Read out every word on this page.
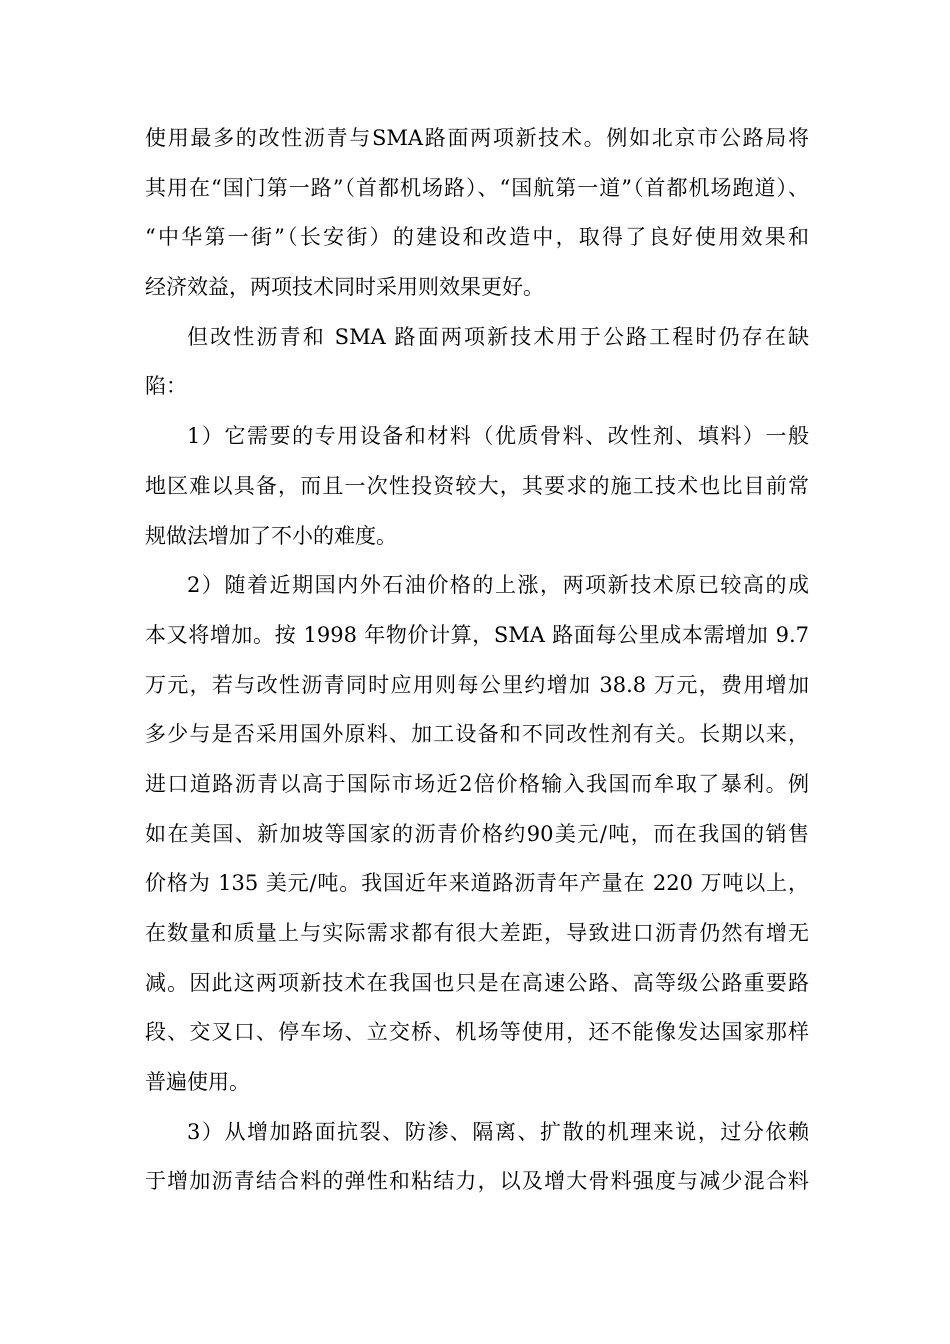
使用最多的改性沥青与SMA路面两项新技术。例如北京市公路局将
其用在“国门第一路”（首都机场路）、“国航第一道”（首都机场跑道）、
“中华第一街”（长安街）的建设和改造中，取得了良好使用效果和
经济效益，两项技术同时采用则效果更好。
但改性沥青和 SMA 路面两项新技术用于公路工程时仍存在缺
陷：
1）它需要的专用设备和材料（优质骨料、改性剂、填料）一般
地区难以具备，而且一次性投资较大，其要求的施工技术也比目前常
规做法增加了不小的难度。
2）随着近期国内外石油价格的上涨，两项新技术原已较高的成
本又将增加。按 1998 年物价计算，SMA 路面每公里成本需增加 9.7
万元，若与改性沥青同时应用则每公里约增加 38.8 万元，费用增加
多少与是否采用国外原料、加工设备和不同改性剂有关。长期以来，
进口道路沥青以高于国际市场近2倍价格输入我国而牟取了暴利。例
如在美国、新加坡等国家的沥青价格约90美元/吨，而在我国的销售
价格为 135 美元/吨。我国近年来道路沥青年产量在 220 万吨以上，
在数量和质量上与实际需求都有很大差距，导致进口沥青仍然有增无
减。因此这两项新技术在我国也只是在高速公路、高等级公路重要路
段、交叉口、停车场、立交桥、机场等使用，还不能像发达国家那样
普遍使用。
3）从增加路面抗裂、防渗、隔离、扩散的机理来说，过分依赖
于增加沥青结合料的弹性和粘结力，以及增大骨料强度与减少混合料
